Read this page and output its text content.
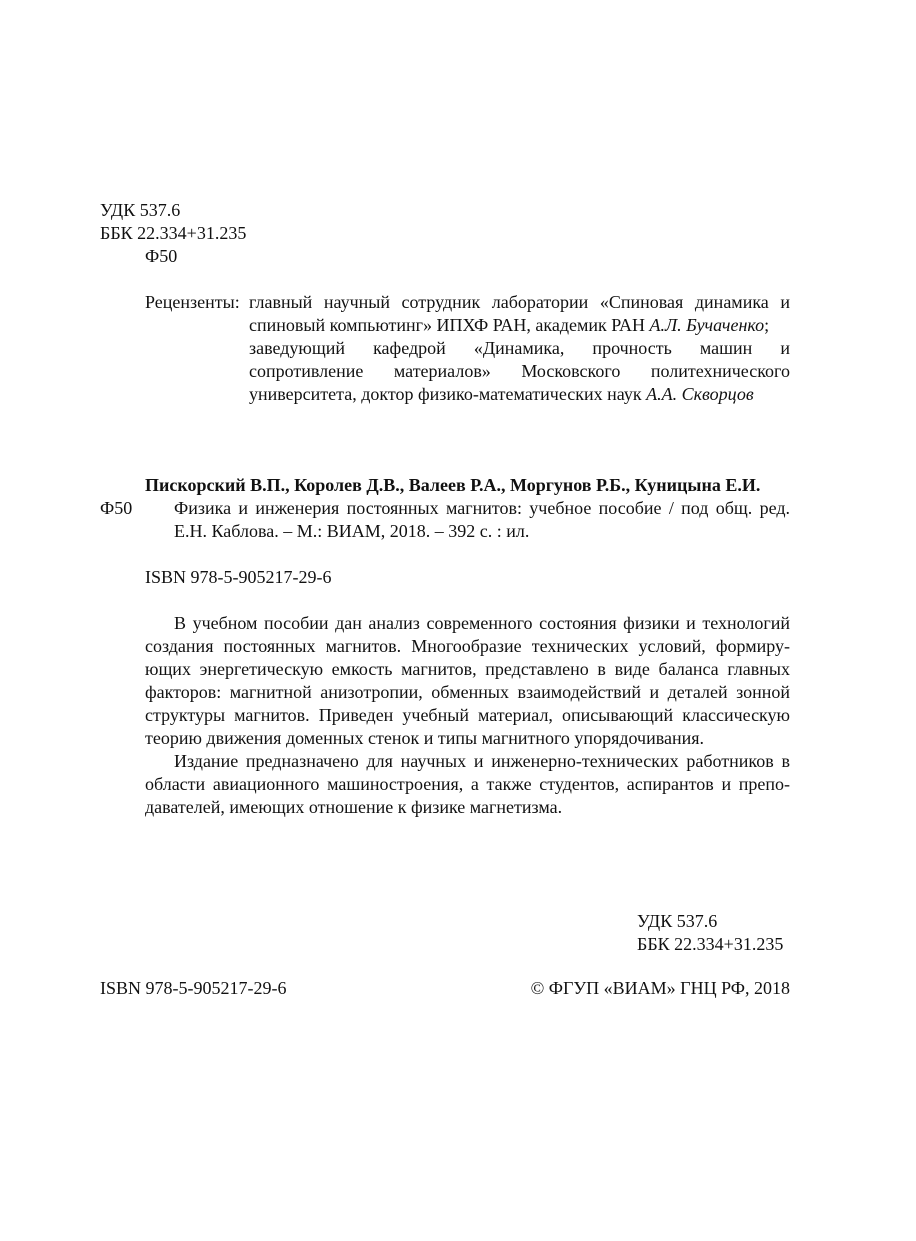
УДК 537.6
ББК 22.334+31.235
Ф50
Рецензенты: главный научный сотрудник лаборатории «Спиновая динамика и
спиновый компьютинг» ИПХФ РАН, академик РАН А.Л. Бучаченко;
заведующий кафедрой «Динамика, прочность машин и
сопротивление материалов» Московского политехнического
университета, доктор физико-математических наук А.А. Скворцов
Пискорский В.П., Королев Д.В., Валеев Р.А., Моргунов Р.Б., Куницына Е.И.
Ф50 Физика и инженерия постоянных магнитов: учебное пособие / под общ. ред.
Е.Н. Каблова. – М.: ВИАМ, 2018. – 392 с. : ил.
ISBN 978-5-905217-29-6
В учебном пособии дан анализ современного состояния физики и технологий
создания постоянных магнитов. Многообразие технических условий, формиру-
ющих энергетическую емкость магнитов, представлено в виде баланса главных
факторов: магнитной анизотропии, обменных взаимодействий и деталей зонной
структуры магнитов. Приведен учебный материал, описывающий классическую
теорию движения доменных стенок и типы магнитного упорядочивания.
Издание предназначено для научных и инженерно-технических работников в
области авиационного машиностроения, а также студентов, аспирантов и препо-
давателей, имеющих отношение к физике магнетизма.
УДК 537.6
ББК 22.334+31.235
ISBN 978-5-905217-29-6	© ФГУП «ВИАМ» ГНЦ РФ, 2018
